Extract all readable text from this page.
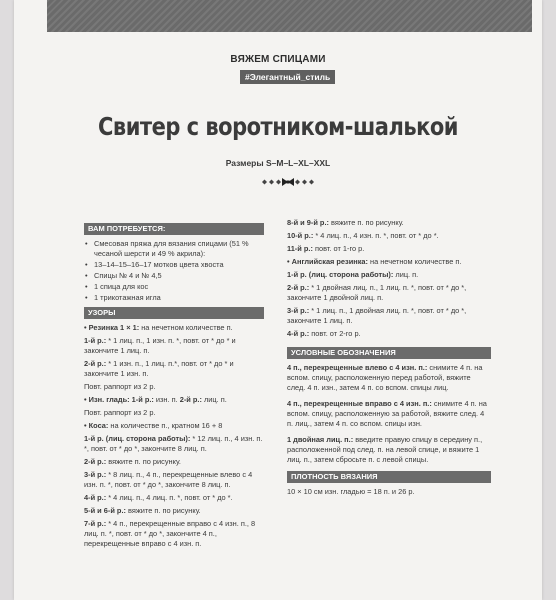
ВЯЖЕМ СПИЦАМИ
#Элегантный_стиль
Свитер с воротником-шалькой
Размеры S–M–L–XL–XXL
ВАМ ПОТРЕБУЕТСЯ:
• Смесовая пряжа для вязания спицами (51 % чесаной шерсти и 49 % акрила):
• 13–14–15–16–17 мотков цвета хвоста
• Спицы № 4 и № 4,5
• 1 спица для кос
• 1 трикотажная игла
УЗОРЫ
• Резинка 1 × 1: на нечетном количестве п.
1-й р.: * 1 лиц. п., 1 изн. п. *, повт. от * до * и закончите 1 лиц. п.
2-й р.: * 1 изн. п., 1 лиц. п.*, повт. от * до * и закончите 1 изн. п.
Повт. раппорт из 2 р.
• Изн. гладь: 1-й р.: изн. п. 2-й р.: лиц. п.
Повт. раппорт из 2 р.
• Коса: на количестве п., кратном 16 + 8
1-й р. (лиц. сторона работы): * 12 лиц. п., 4 изн. п. *, повт. от * до *, закончите 8 лиц. п.
2-й р.: вяжите п. по рисунку.
3-й р.: * 8 лиц. п., 4 п., перекрещенные влево с 4 изн. п. *, повт. от * до *, закончите 8 лиц. п.
4-й р.: * 4 лиц. п., 4 лиц. п. *, повт. от * до *.
5-й и 6-й р.: вяжите п. по рисунку.
7-й р.: * 4 п., перекрещенные вправо с 4 изн. п., 8 лиц. п. *, повт. от * до *, закончите 4 п., перекрещенные вправо с 4 изн. п.
8-й и 9-й р.: вяжите п. по рисунку.
10-й р.: * 4 лиц. п., 4 изн. п. *, повт. от * до *.
11-й р.: повт. от 1-го р.
• Английская резинка: на нечетном количестве п.
1-й р. (лиц. сторона работы): лиц. п.
2-й р.: * 1 двойная лиц. п., 1 лиц. п. *, повт. от * до *, закончите 1 двойной лиц. п.
3-й р.: * 1 лиц. п., 1 двойная лиц. п. *, повт. от * до *, закончите 1 лиц. п.
4-й р.: повт. от 2-го р.
УСЛОВНЫЕ ОБОЗНАЧЕНИЯ
4 п., перекрещенные влево с 4 изн. п.: снимите 4 п. на вспом. спицу, расположенную перед работой, вяжите след. 4 п. изн., затем 4 п. со вспом. спицы лиц.
4 п., перекрещенные вправо с 4 изн. п.: снимите 4 п. на вспом. спицу, расположенную за работой, вяжите след. 4 п. лиц., затем 4 п. со вспом. спицы изн.
1 двойная лиц. п.: введите правую спицу в середину п., расположенной под след. п. на левой спице, и вяжите 1 лиц. п., затем сбросьте п. с левой спицы.
ПЛОТНОСТЬ ВЯЗАНИЯ
10 × 10 см изн. гладью = 18 п. и 26 р.
